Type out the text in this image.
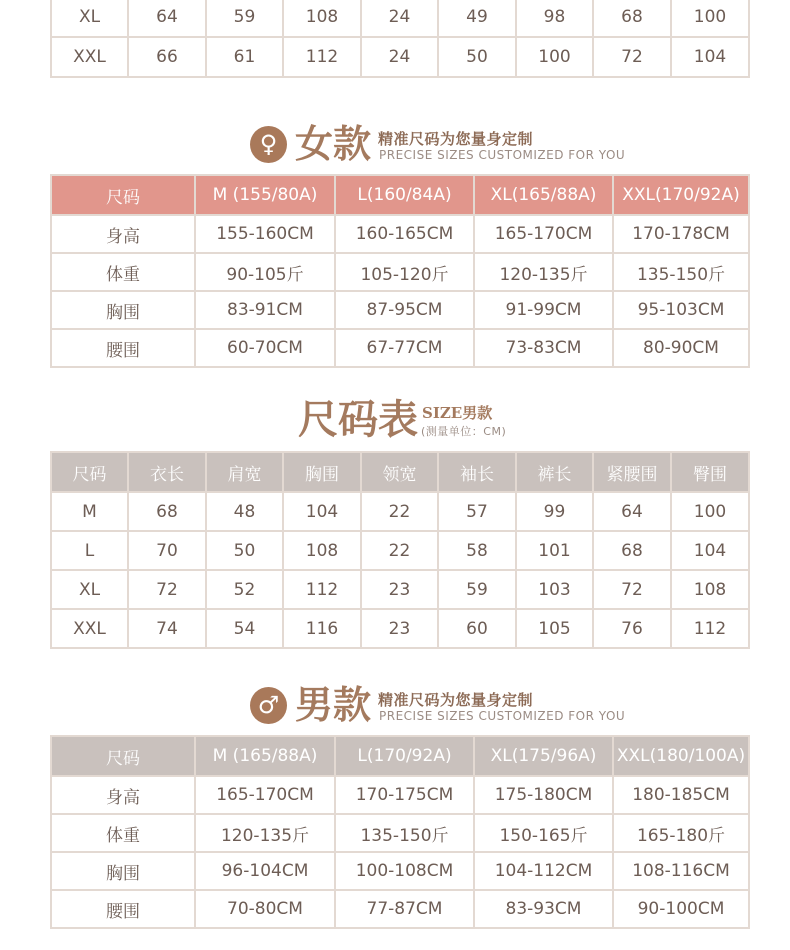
XL	64	59	108	24	49	98	68	100
XXL	66	61	112	24	50	100	72	104
♀ 女款 精准尺码为您量身定制
PRECISE SIZES CUSTOMIZED FOR YOU
尺码	M (155/80A)	L(160/84A)	XL(165/88A)	XXL(170/92A)
身高	155-160CM	160-165CM	165-170CM	170-178CM
体重	90-105斤	105-120斤	120-135斤	135-150斤
胸围	83-91CM	87-95CM	91-99CM	95-103CM
腰围	60-70CM	67-77CM	73-83CM	80-90CM
尺码表 SIZE男款
(测量单位：CM)
尺码	衣长	肩宽	胸围	领宽	袖长	裤长	紧腰围	臀围
M	68	48	104	22	57	99	64	100
L	70	50	108	22	58	101	68	104
XL	72	52	112	23	59	103	72	108
XXL	74	54	116	23	60	105	76	112
♂ 男款 精准尺码为您量身定制
PRECISE SIZES CUSTOMIZED FOR YOU
尺码	M (165/88A)	L(170/92A)	XL(175/96A)	XXL(180/100A)
身高	165-170CM	170-175CM	175-180CM	180-185CM
体重	120-135斤	135-150斤	150-165斤	165-180斤
胸围	96-104CM	100-108CM	104-112CM	108-116CM
腰围	70-80CM	77-87CM	83-93CM	90-100CM
